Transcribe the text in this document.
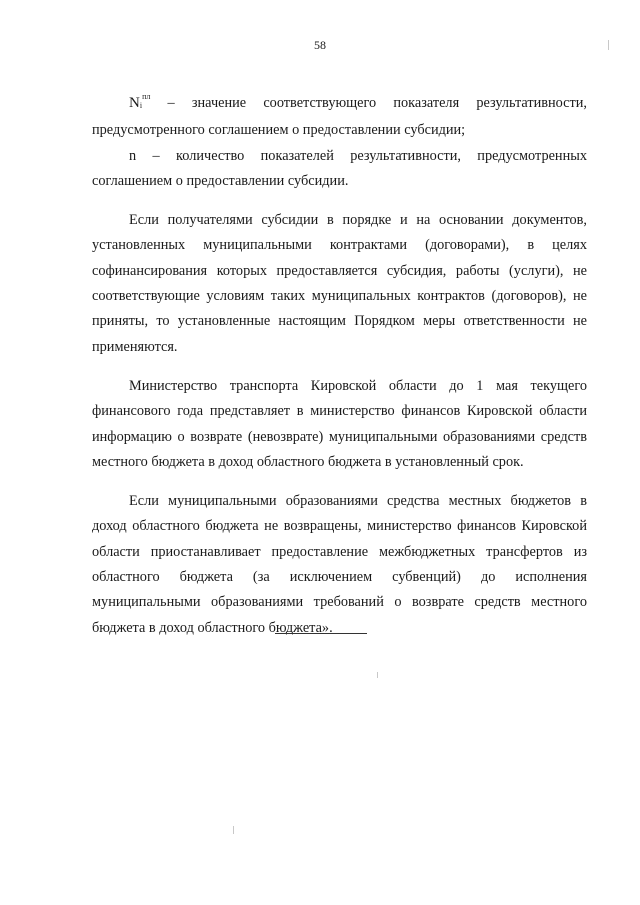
58

$N_i^{пл}$ – значение соответствующего показателя результативности, предусмотренного соглашением о предоставлении субсидии;

n – количество показателей результативности, предусмотренных соглашением о предоставлении субсидии.

Если получателями субсидии в порядке и на основании документов, установленных муниципальными контрактами (договорами), в целях софинансирования которых предоставляется субсидия, работы (услуги), не соответствующие условиям таких муниципальных контрактов (договоров), не приняты, то установленные настоящим Порядком меры ответственности не применяются.

Министерство транспорта Кировской области до 1 мая текущего финансового года представляет в министерство финансов Кировской области информацию о возврате (невозврате) муниципальными образованиями средств местного бюджета в доход областного бюджета в установленный срок.

Если муниципальными образованиями средства местных бюджетов в доход областного бюджета не возвращены, министерство финансов Кировской области приостанавливает предоставление межбюджетных трансфертов из областного бюджета (за исключением субвенций) до исполнения муниципальными образованиями требований о возврате средств местного бюджета в доход областного бюджета».
